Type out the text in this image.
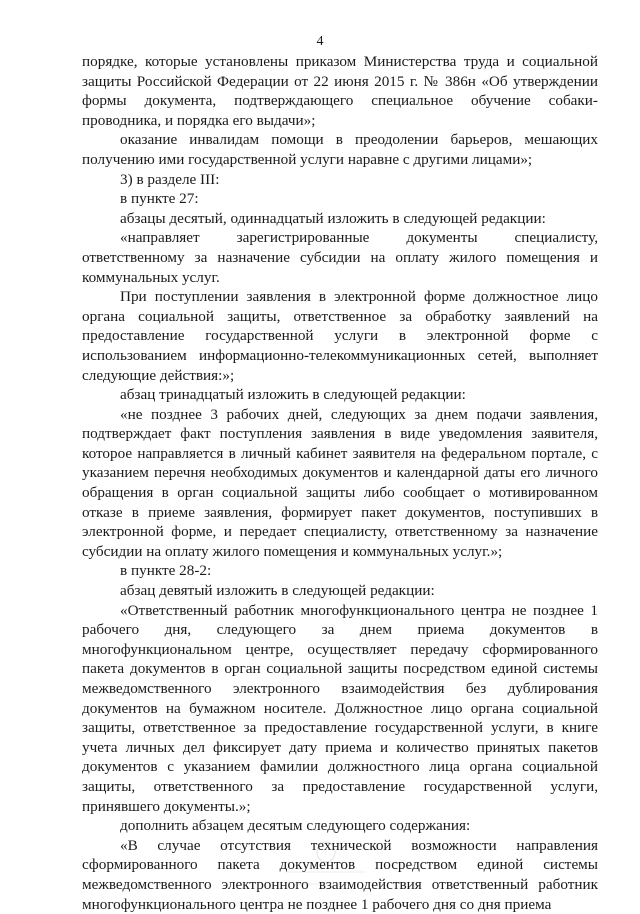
4

порядке, которые установлены приказом Министерства труда и социальной защиты Российской Федерации от 22 июня 2015 г. № 386н «Об утверждении формы документа, подтверждающего специальное обучение собаки-проводника, и порядка его выдачи»;

оказание инвалидам помощи в преодолении барьеров, мешающих получению ими государственной услуги наравне с другими лицами»;

3) в разделе III:

в пункте 27:

абзацы десятый, одиннадцатый изложить в следующей редакции:

«направляет зарегистрированные документы специалисту, ответственному за назначение субсидии на оплату жилого помещения и коммунальных услуг.

При поступлении заявления в электронной форме должностное лицо органа социальной защиты, ответственное за обработку заявлений на предоставление государственной услуги в электронной форме с использованием информационно-телекоммуникационных сетей, выполняет следующие действия:»;

абзац тринадцатый изложить в следующей редакции:

«не позднее 3 рабочих дней, следующих за днем подачи заявления, подтверждает факт поступления заявления в виде уведомления заявителя, которое направляется в личный кабинет заявителя на федеральном портале, с указанием перечня необходимых документов и календарной даты его личного обращения в орган социальной защиты либо сообщает о мотивированном отказе в приеме заявления, формирует пакет документов, поступивших в электронной форме, и передает специалисту, ответственному за назначение субсидии на оплату жилого помещения и коммунальных услуг.»;

в пункте 28-2:

абзац девятый изложить в следующей редакции:

«Ответственный работник многофункционального центра не позднее 1 рабочего дня, следующего за днем приема документов в многофункциональном центре, осуществляет передачу сформированного пакета документов в орган социальной защиты посредством единой системы межведомственного электронного взаимодействия без дублирования документов на бумажном носителе. Должностное лицо органа социальной защиты, ответственное за предоставление государственной услуги, в книге учета личных дел фиксирует дату приема и количество принятых пакетов документов с указанием фамилии должностного лица органа социальной защиты, ответственного за предоставление государственной услуги, принявшего документы.»;

дополнить абзацем десятым следующего содержания:

«В случае отсутствия технической возможности направления сформированного пакета документов посредством единой системы межведомственного электронного взаимодействия ответственный работник многофункционального центра не позднее 1 рабочего дня со дня приема
